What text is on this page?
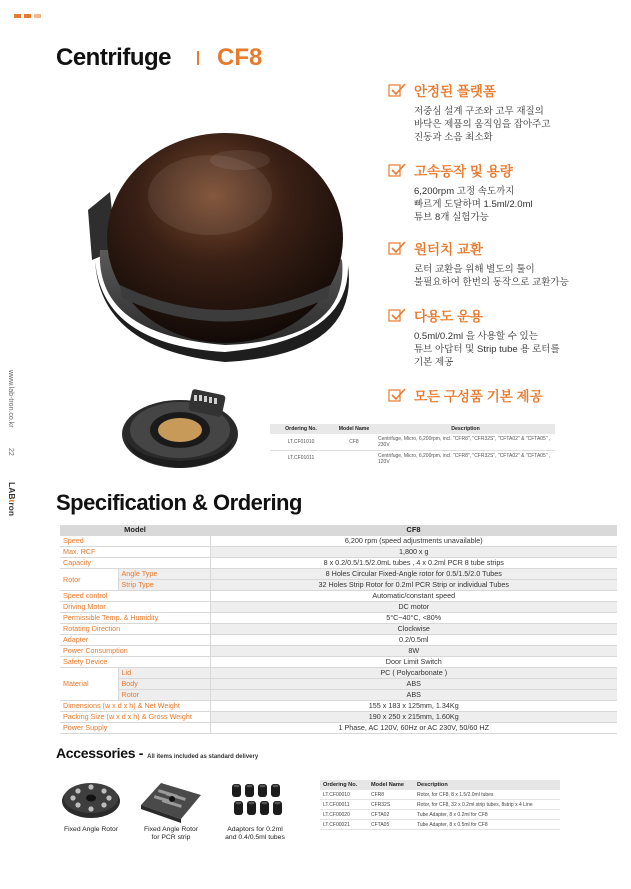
Centrifuge CF8
안정된 플랫폼
저중심 설계 구조와 고무 재질의
바닥은 제품의 움직임을 잡아주고
진동과 소음 최소화
고속동작 및 용량
6,200rpm 고정 속도까지
빠르게 도달하며 1.5ml/2.0ml
튜브 8개 실험가능
원터치 교환
로터 교환을 위해 별도의 툴이
불필요하여 한번의 동작으로 교환가능
다용도 운용
0.5ml/0.2ml 을 사용할 수 있는
튜브 아답터 및 Strip tube 용 로터를
기본 제공
모든 구성품 기본 제공
www.lab-tron.co.kr
22
LABtron
Ordering No.	Model Name	Description
LT.CF01010	CF8	Centrifuge, Micro, 6,200rpm, incl. "CFR8", "CFR32S", "CFTA02" & "CFTA05" , 230V
LT.CF01011		Centrifuge, Micro, 6,200rpm, incl. "CFR8", "CFR32S", "CFTA02" & "CFTA05" , 120V
Specification & Ordering
Model		CF8
Speed		6,200 rpm (speed adjustments unavailable)
Max. RCF		1,800 x g
Capacity		8 x 0.2/0.5/1.5/2.0mL tubes , 4 x 0.2ml PCR 8 tube strips
Rotor	Angle Type	8 Holes Circular Fixed-Angle rotor for 0.5/1.5/2.0 Tubes
	Strip Type	32 Holes Strip Rotor for 0.2ml PCR Strip or individual Tubes
Speed control		Automatic/constant speed
Driving Motor		DC motor
Permissible Temp. & Humidity		5°C~40°C, <80%
Rotating Direction		Clockwise
Adapter		0.2/0.5ml
Power Consumption		8W
Safety Device		Door Limit Switch
Material	Lid	PC ( Polycarbonate )
	Body	ABS
	Rotor	ABS
Dimensions (w x d x h) & Net Weight		155 x 183 x 125mm, 1.34Kg
Packing Size (w x d x h) & Gross Weight		190 x 250 x 215mm, 1.60Kg
Power Supply		1 Phase, AC 120V, 60Hz or AC 230V, 50/60 HZ
Accessories - All items included as standard delivery
Fixed Angle Rotor	Fixed Angle Rotor
for PCR strip
Adaptors for 0.2ml
and 0.4/0.5ml tubes
Ordering No.	Model Name	Description
LT.CF00010	CFR8	Rotor, for CF8, 8 x 1.5/2.0ml tubes
LT.CF00011	CFR32S	Rotor, for CF8, 32 x 0.2ml strip tubes, 8strip x 4 Line
LT.CF00020	CFTA02	Tube Adapter, 8 x 0.2ml for CF8
LT.CF00021	CFTA05	Tube Adapter, 8 x 0.5ml for CF8
